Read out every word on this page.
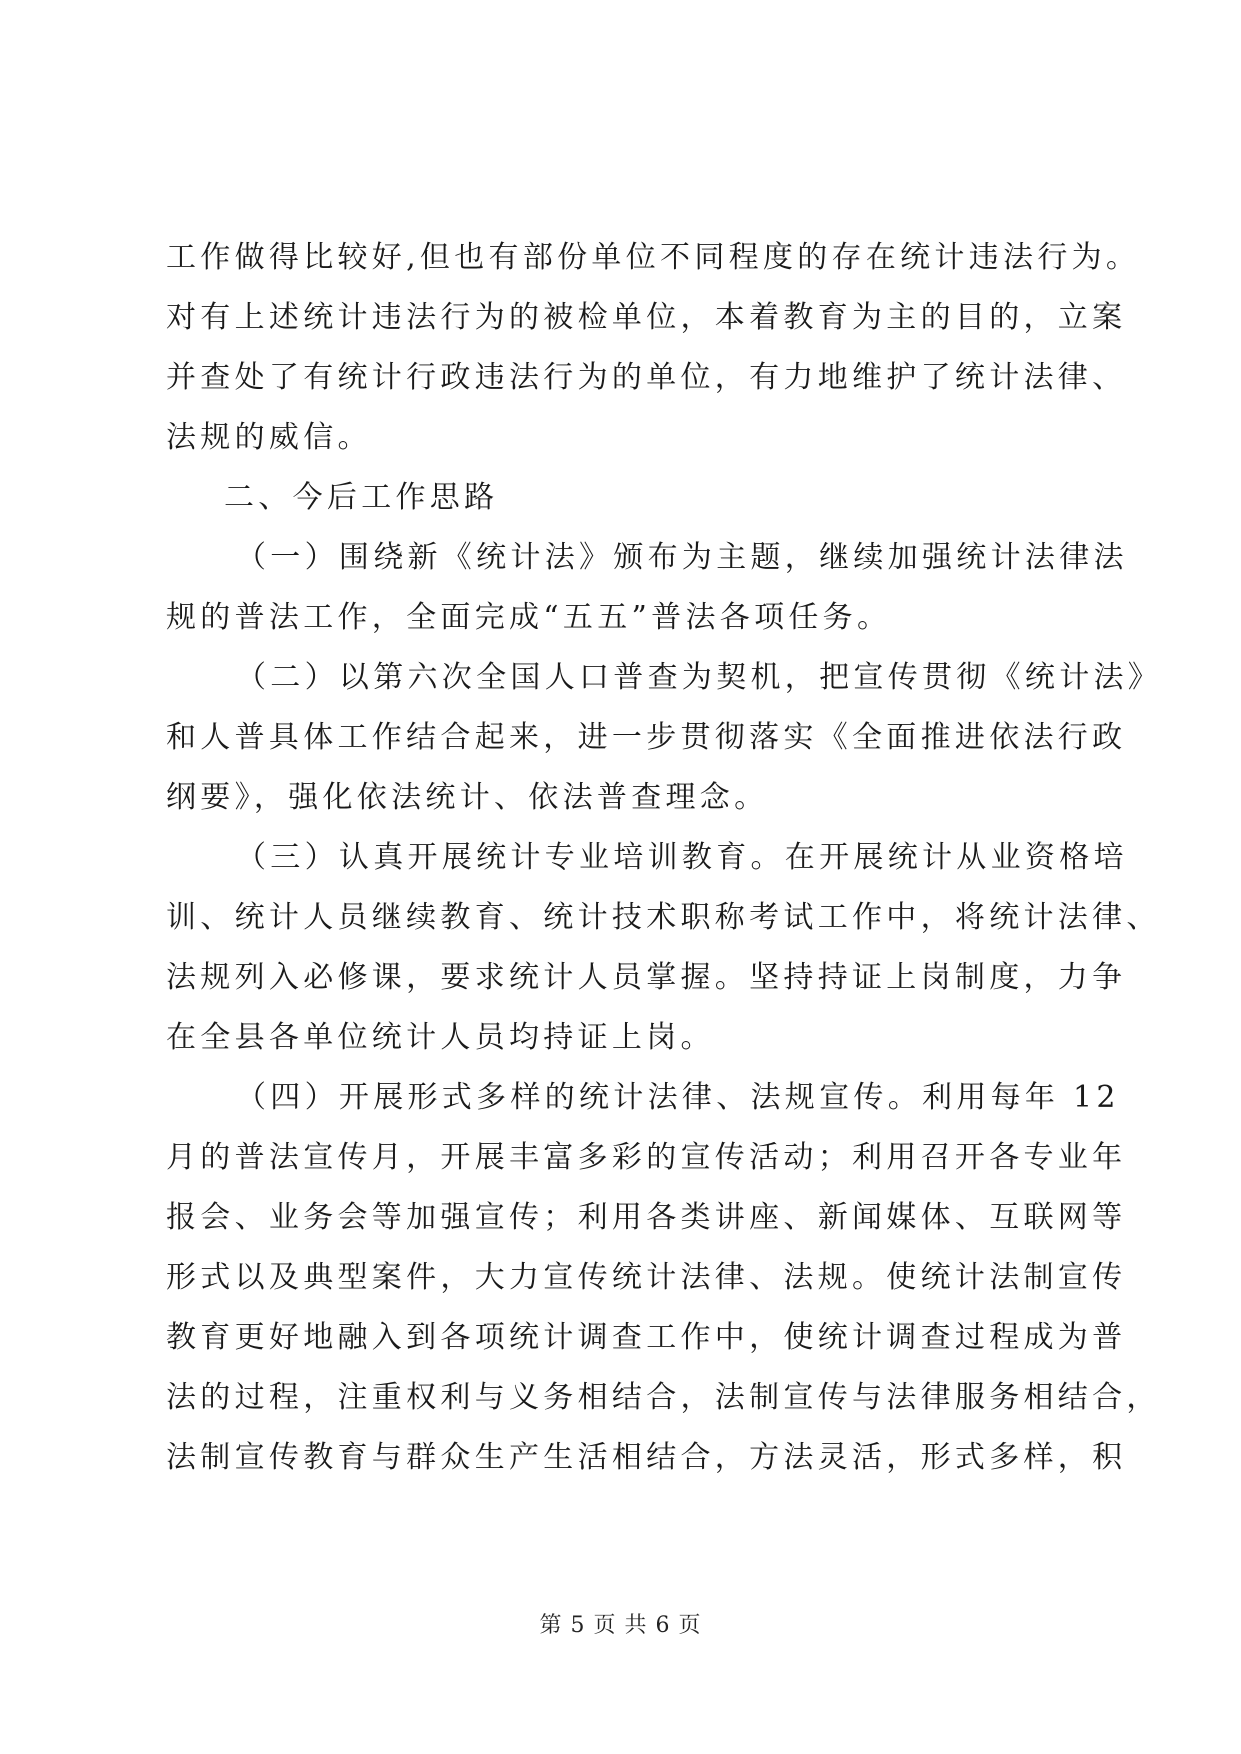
工作做得比较好,但也有部份单位不同程度的存在统计违法行为。
对有上述统计违法行为的被检单位，本着教育为主的目的，立案
并查处了有统计行政违法行为的单位，有力地维护了统计法律、
法规的威信。
二、今后工作思路
（一）围绕新《统计法》颁布为主题，继续加强统计法律法
规的普法工作，全面完成“五五”普法各项任务。
（二）以第六次全国人口普查为契机，把宣传贯彻《统计法》
和人普具体工作结合起来，进一步贯彻落实《全面推进依法行政
纲要》，强化依法统计、依法普查理念。
（三）认真开展统计专业培训教育。在开展统计从业资格培
训、统计人员继续教育、统计技术职称考试工作中，将统计法律、
法规列入必修课，要求统计人员掌握。坚持持证上岗制度，力争
在全县各单位统计人员均持证上岗。
（四）开展形式多样的统计法律、法规宣传。利用每年 12
月的普法宣传月，开展丰富多彩的宣传活动；利用召开各专业年
报会、业务会等加强宣传；利用各类讲座、新闻媒体、互联网等
形式以及典型案件，大力宣传统计法律、法规。使统计法制宣传
教育更好地融入到各项统计调查工作中，使统计调查过程成为普
法的过程，注重权利与义务相结合，法制宣传与法律服务相结合，
法制宣传教育与群众生产生活相结合，方法灵活，形式多样，积
第 5 页 共 6 页
